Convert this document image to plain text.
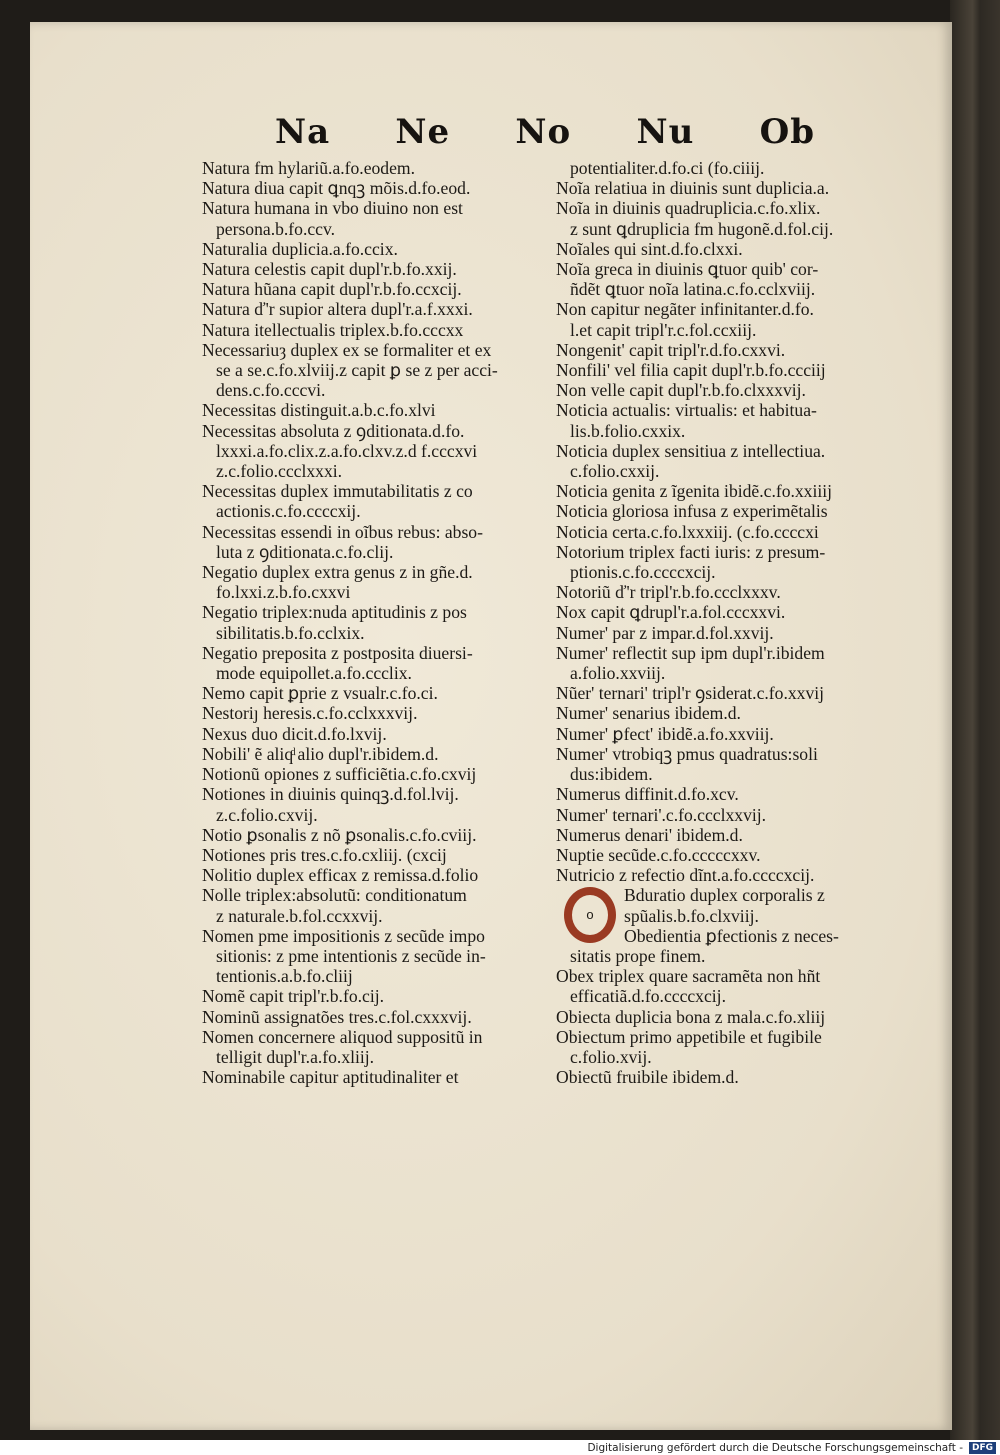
Na Ne No Nu Ob

Natura fm hylariũ.a.fo.eodem.

Natura diua capit ꝗnqꝫ mõis.d.fo.eod.

Natura humana in vbo diuino non est

persona.b.fo.ccv.

Naturalia duplicia.a.fo.ccix.

Natura celestis capit dupl'r.b.fo.xxij.

Natura hũana capit dupl'r.b.fo.ccxcij.

Natura ď'r supior altera dupl'r.a.f.xxxi.

Natura itellectualis triplex.b.fo.cccxx

Necessariuȝ duplex ex se formaliter et ex

se a se.c.fo.xlviij.z capit ꝑ se z per acci-

dens.c.fo.cccvi.

Necessitas distinguit.a.b.c.fo.xlvi

Necessitas absoluta z ꝯditionata.d.fo.

lxxxi.a.fo.clix.z.a.fo.clxv.z.d f.cccxvi

z.c.folio.ccclxxxi.

Necessitas duplex immutabilitatis z co

actionis.c.fo.ccccxij.

Necessitas essendi in oĩbus rebus: abso-

luta z ꝯditionata.c.fo.clij.

Negatio duplex extra genus z in gñe.d.

fo.lxxi.z.b.fo.cxxvi

Negatio triplex:nuda aptitudinis z pos

sibilitatis.b.fo.cclxix.

Negatio preposita z postposita diuersi-

mode equipollet.a.fo.ccclix.

Nemo capit ꝑprie z vsualr.c.fo.ci.

Nestoriȷ heresis.c.fo.cclxxxvij.

Nexus duo dicit.d.fo.lxvij.

Nobili' ẽ aliqͩ alio dupl'r.ibidem.d.

Notionũ opiones z sufficiẽtia.c.fo.cxvij

Notiones in diuinis quinqꝫ.d.fol.lvij.

z.c.folio.cxvij.

Notio ꝑsonalis z nõ ꝑsonalis.c.fo.cviij.

Notiones pris tres.c.fo.cxliij. (cxcij

Nolitio duplex efficax z remissa.d.folio

Nolle triplex:absolutũ: conditionatum

z naturale.b.fol.ccxxvij.

Nomen pme impositionis z secũde impo

sitionis: z pme intentionis z secũde in-

tentionis.a.b.fo.cliij

Nomẽ capit tripl'r.b.fo.cij.

Nominũ assignatões tres.c.fol.cxxxvij.

Nomen concernere aliquod suppositũ in

telligit dupl'r.a.fo.xliij.

Nominabile capitur aptitudinaliter et

potentialiter.d.fo.ci (fo.ciiij.

Noĩa relatiua in diuinis sunt duplicia.a.

Noĩa in diuinis quadruplicia.c.fo.xlix.

z sunt ꝗdruplicia fm hugonẽ.d.fol.cij.

Noĩales qui sint.d.fo.clxxi.

Noĩa greca in diuinis ꝗtuor quib' cor-

ñdẽt ꝗtuor noĩa latina.c.fo.cclxviij.

Non capitur negãter infinitanter.d.fo.

l.et capit tripl'r.c.fol.ccxiij.

Nongenit' capit tripl'r.d.fo.cxxvi.

Nonfili' vel filia capit dupl'r.b.fo.ccciij

Non velle capit dupl'r.b.fo.clxxxvij.

Noticia actualis: virtualis: et habitua-

lis.b.folio.cxxix.

Noticia duplex sensitiua z intellectiua.

c.folio.cxxij.

Noticia genita z ĩgenita ibidẽ.c.fo.xxiiij

Noticia gloriosa infusa z experimẽtalis

Noticia certa.c.fo.lxxxiij. (c.fo.ccccxi

Notorium triplex facti iuris: z presum-

ptionis.c.fo.ccccxcij.

Notoriũ ď'r tripl'r.b.fo.ccclxxxv.

Nox capit ꝗdrupl'r.a.fol.cccxxvi.

Numer' par z impar.d.fol.xxvij.

Numer' reflectit sup ipm dupl'r.ibidem

a.folio.xxviij.

Nũer' ternari' tripl'r ꝯsiderat.c.fo.xxvij

Numer' senarius ibidem.d.

Numer' ꝑfect' ibidẽ.a.fo.xxviij.

Numer' vtrobiqꝫ pmus quadratus:soli

dus:ibidem.

Numerus diffinit.d.fo.xcv.

Numer' ternari'.c.fo.ccclxxvij.

Numerus denari' ibidem.d.

Nuptie secũde.c.fo.cccccxxv.

Nutricio z refectio dĩnt.a.fo.ccccxcij.

o

Bduratio duplex corporalis z

spũalis.b.fo.clxviij.

Obedientia ꝑfectionis z neces-

sitatis prope finem.

Obex triplex quare sacramẽta non hñt

efficatiã.d.fo.ccccxcij.

Obiecta duplicia bona z mala.c.fo.xliij

Obiectum primo appetibile et fugibile

c.folio.xvij.

Obiectũ fruibile ibidem.d.

Digitalisierung gefördert durch die Deutsche Forschungsgemeinschaft -	DFG
